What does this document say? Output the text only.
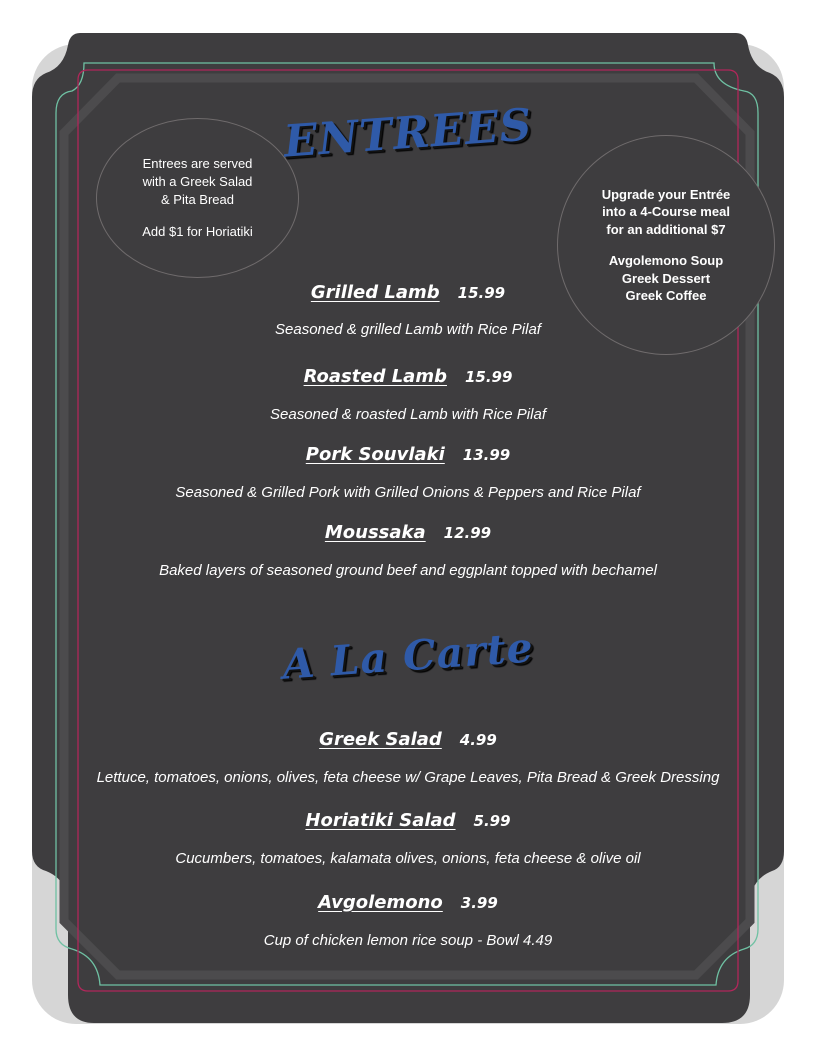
Entrees are served

with a Greek Salad

& Pita Bread

Add $1 for Horiatiki

Upgrade your Entrée

into a 4-Course meal

for an additional $7

Avgolemono Soup

Greek Dessert

Greek Coffee

ENTREES
Grilled Lamb 15.99
Seasoned & grilled Lamb with Rice Pilaf
Roasted Lamb 15.99
Seasoned & roasted Lamb with Rice Pilaf
Pork Souvlaki 13.99
Seasoned & Grilled Pork with Grilled Onions & Peppers and Rice Pilaf
Moussaka 12.99
Baked layers of seasoned ground beef and eggplant topped with bechamel
A La Carte
Greek Salad 4.99
Lettuce, tomatoes, onions, olives, feta cheese w/ Grape Leaves, Pita Bread & Greek Dressing
Horiatiki Salad 5.99
Cucumbers, tomatoes, kalamata olives, onions, feta cheese & olive oil
Avgolemono 3.99
Cup of chicken lemon rice soup - Bowl 4.49
